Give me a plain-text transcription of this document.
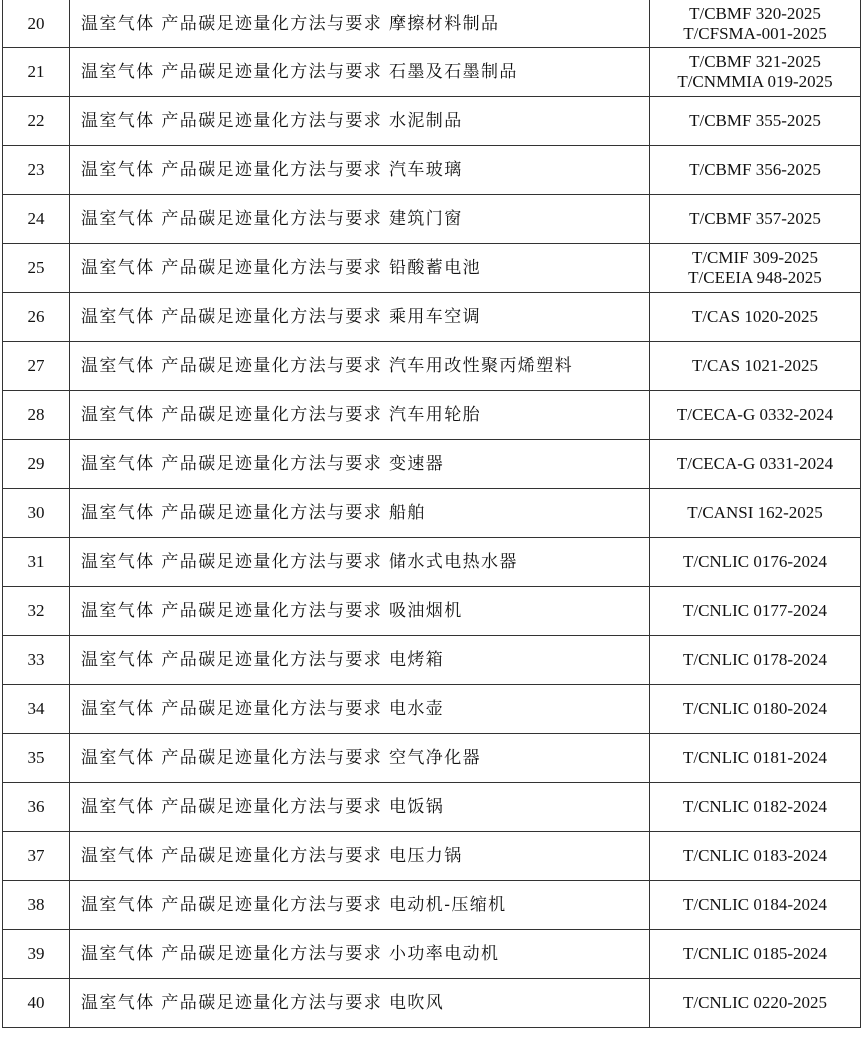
20	温室气体 产品碳足迹量化方法与要求 摩擦材料制品	T/CBMF 320-2025
T/CFSMA-001-2025

21	温室气体 产品碳足迹量化方法与要求 石墨及石墨制品	T/CBMF 321-2025
T/CNMMIA 019-2025

22	温室气体 产品碳足迹量化方法与要求 水泥制品	T/CBMF 355-2025

23	温室气体 产品碳足迹量化方法与要求 汽车玻璃	T/CBMF 356-2025

24	温室气体 产品碳足迹量化方法与要求 建筑门窗	T/CBMF 357-2025

25	温室气体 产品碳足迹量化方法与要求 铅酸蓄电池	T/CMIF 309-2025
T/CEEIA 948-2025

26	温室气体 产品碳足迹量化方法与要求 乘用车空调	T/CAS 1020-2025

27	温室气体 产品碳足迹量化方法与要求 汽车用改性聚丙烯塑料	T/CAS 1021-2025

28	温室气体 产品碳足迹量化方法与要求 汽车用轮胎	T/CECA-G 0332-2024

29	温室气体 产品碳足迹量化方法与要求 变速器	T/CECA-G 0331-2024

30	温室气体 产品碳足迹量化方法与要求 船舶	T/CANSI 162-2025

31	温室气体 产品碳足迹量化方法与要求 储水式电热水器	T/CNLIC 0176-2024

32	温室气体 产品碳足迹量化方法与要求 吸油烟机	T/CNLIC 0177-2024

33	温室气体 产品碳足迹量化方法与要求 电烤箱	T/CNLIC 0178-2024

34	温室气体 产品碳足迹量化方法与要求 电水壶	T/CNLIC 0180-2024

35	温室气体 产品碳足迹量化方法与要求 空气净化器	T/CNLIC 0181-2024

36	温室气体 产品碳足迹量化方法与要求 电饭锅	T/CNLIC 0182-2024

37	温室气体 产品碳足迹量化方法与要求 电压力锅	T/CNLIC 0183-2024

38	温室气体 产品碳足迹量化方法与要求 电动机-压缩机	T/CNLIC 0184-2024

39	温室气体 产品碳足迹量化方法与要求 小功率电动机	T/CNLIC 0185-2024

40	温室气体 产品碳足迹量化方法与要求 电吹风	T/CNLIC 0220-2025
